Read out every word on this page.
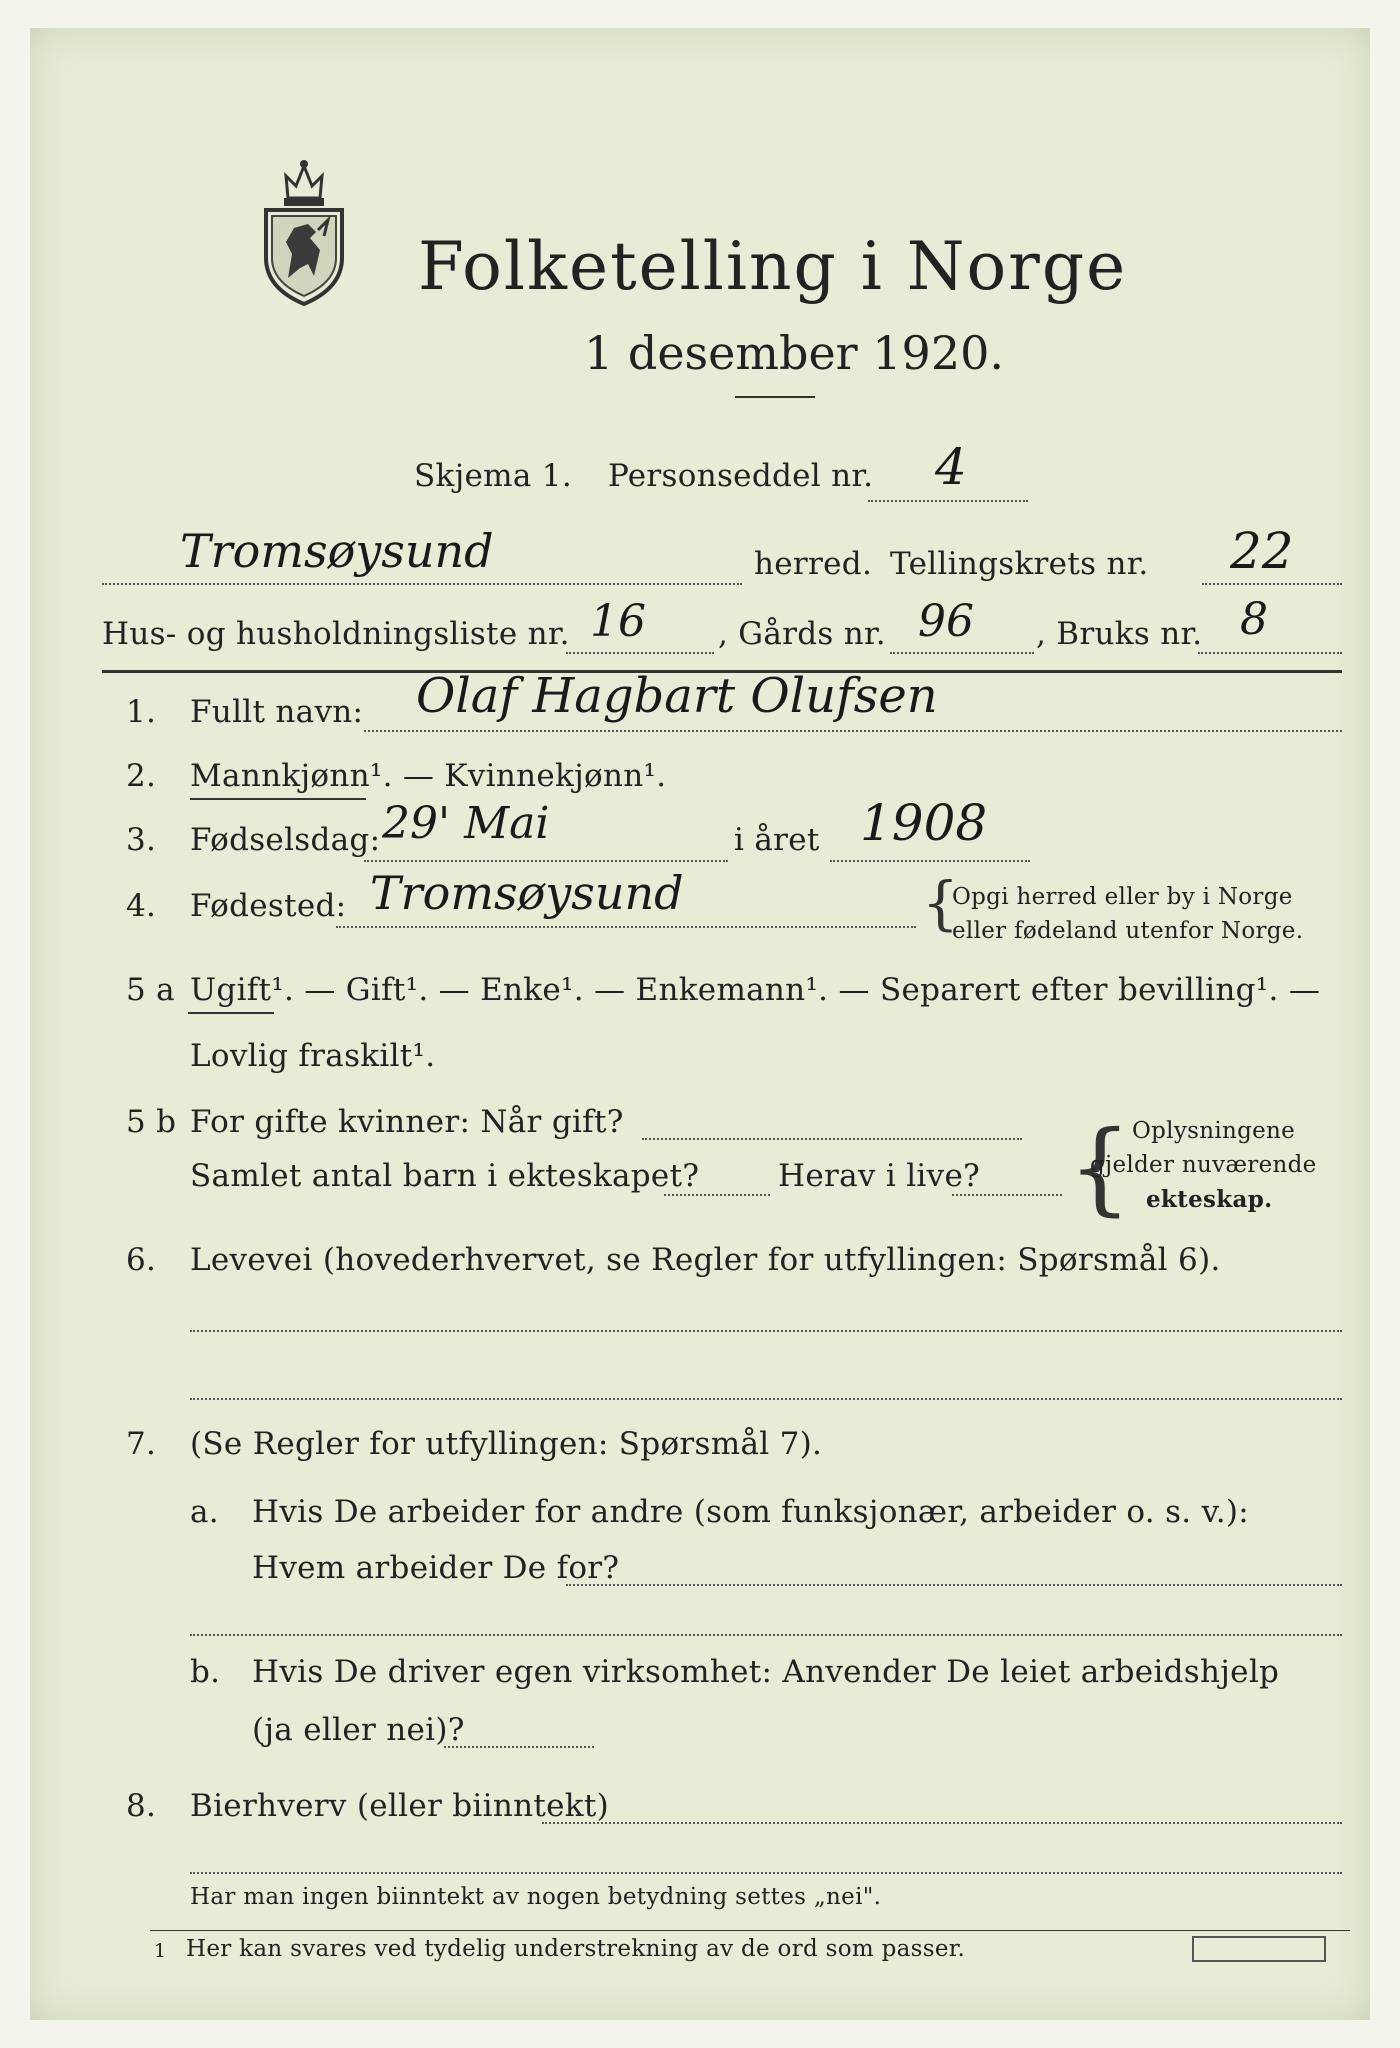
Folketelling i Norge
1 desember 1920.
Skjema 1. Personseddel nr. 4
Tromsøysund	herred. Tellingskrets nr. 22
Hus- og husholdningsliste nr. 16 , Gårds nr. 96 , Bruks nr. 8
1. Fullt navn: Olaf Hagbart Olufsen
2. Mannkjønn¹. — Kvinnekjønn¹.
3. Fødselsdag: 29' Mai	i året 1908
4. Fødested: Tromsøysund	{
Opgi herred eller by i Norge
eller fødeland utenfor Norge.
5 a Ugift¹. — Gift¹. — Enke¹. — Enkemann¹. — Separert efter bevilling¹. —
Lovlig fraskilt¹.
5 b For gifte kvinner: Når gift?
Samlet antal barn i ekteskapet?	Herav i live? { Oplysningene
gjelder nuværende
ekteskap.
6. Levevei (hovederhvervet, se Regler for utfyllingen: Spørsmål 6).
7. (Se Regler for utfyllingen: Spørsmål 7).
a. Hvis De arbeider for andre (som funksjonær, arbeider o. s. v.):
Hvem arbeider De for?
b. Hvis De driver egen virksomhet: Anvender De leiet arbeidshjelp
(ja eller nei)?
8. Bierhverv (eller biinntekt)
Har man ingen biinntekt av nogen betydning settes „nei".
1 Her kan svares ved tydelig understrekning av de ord som passer.
